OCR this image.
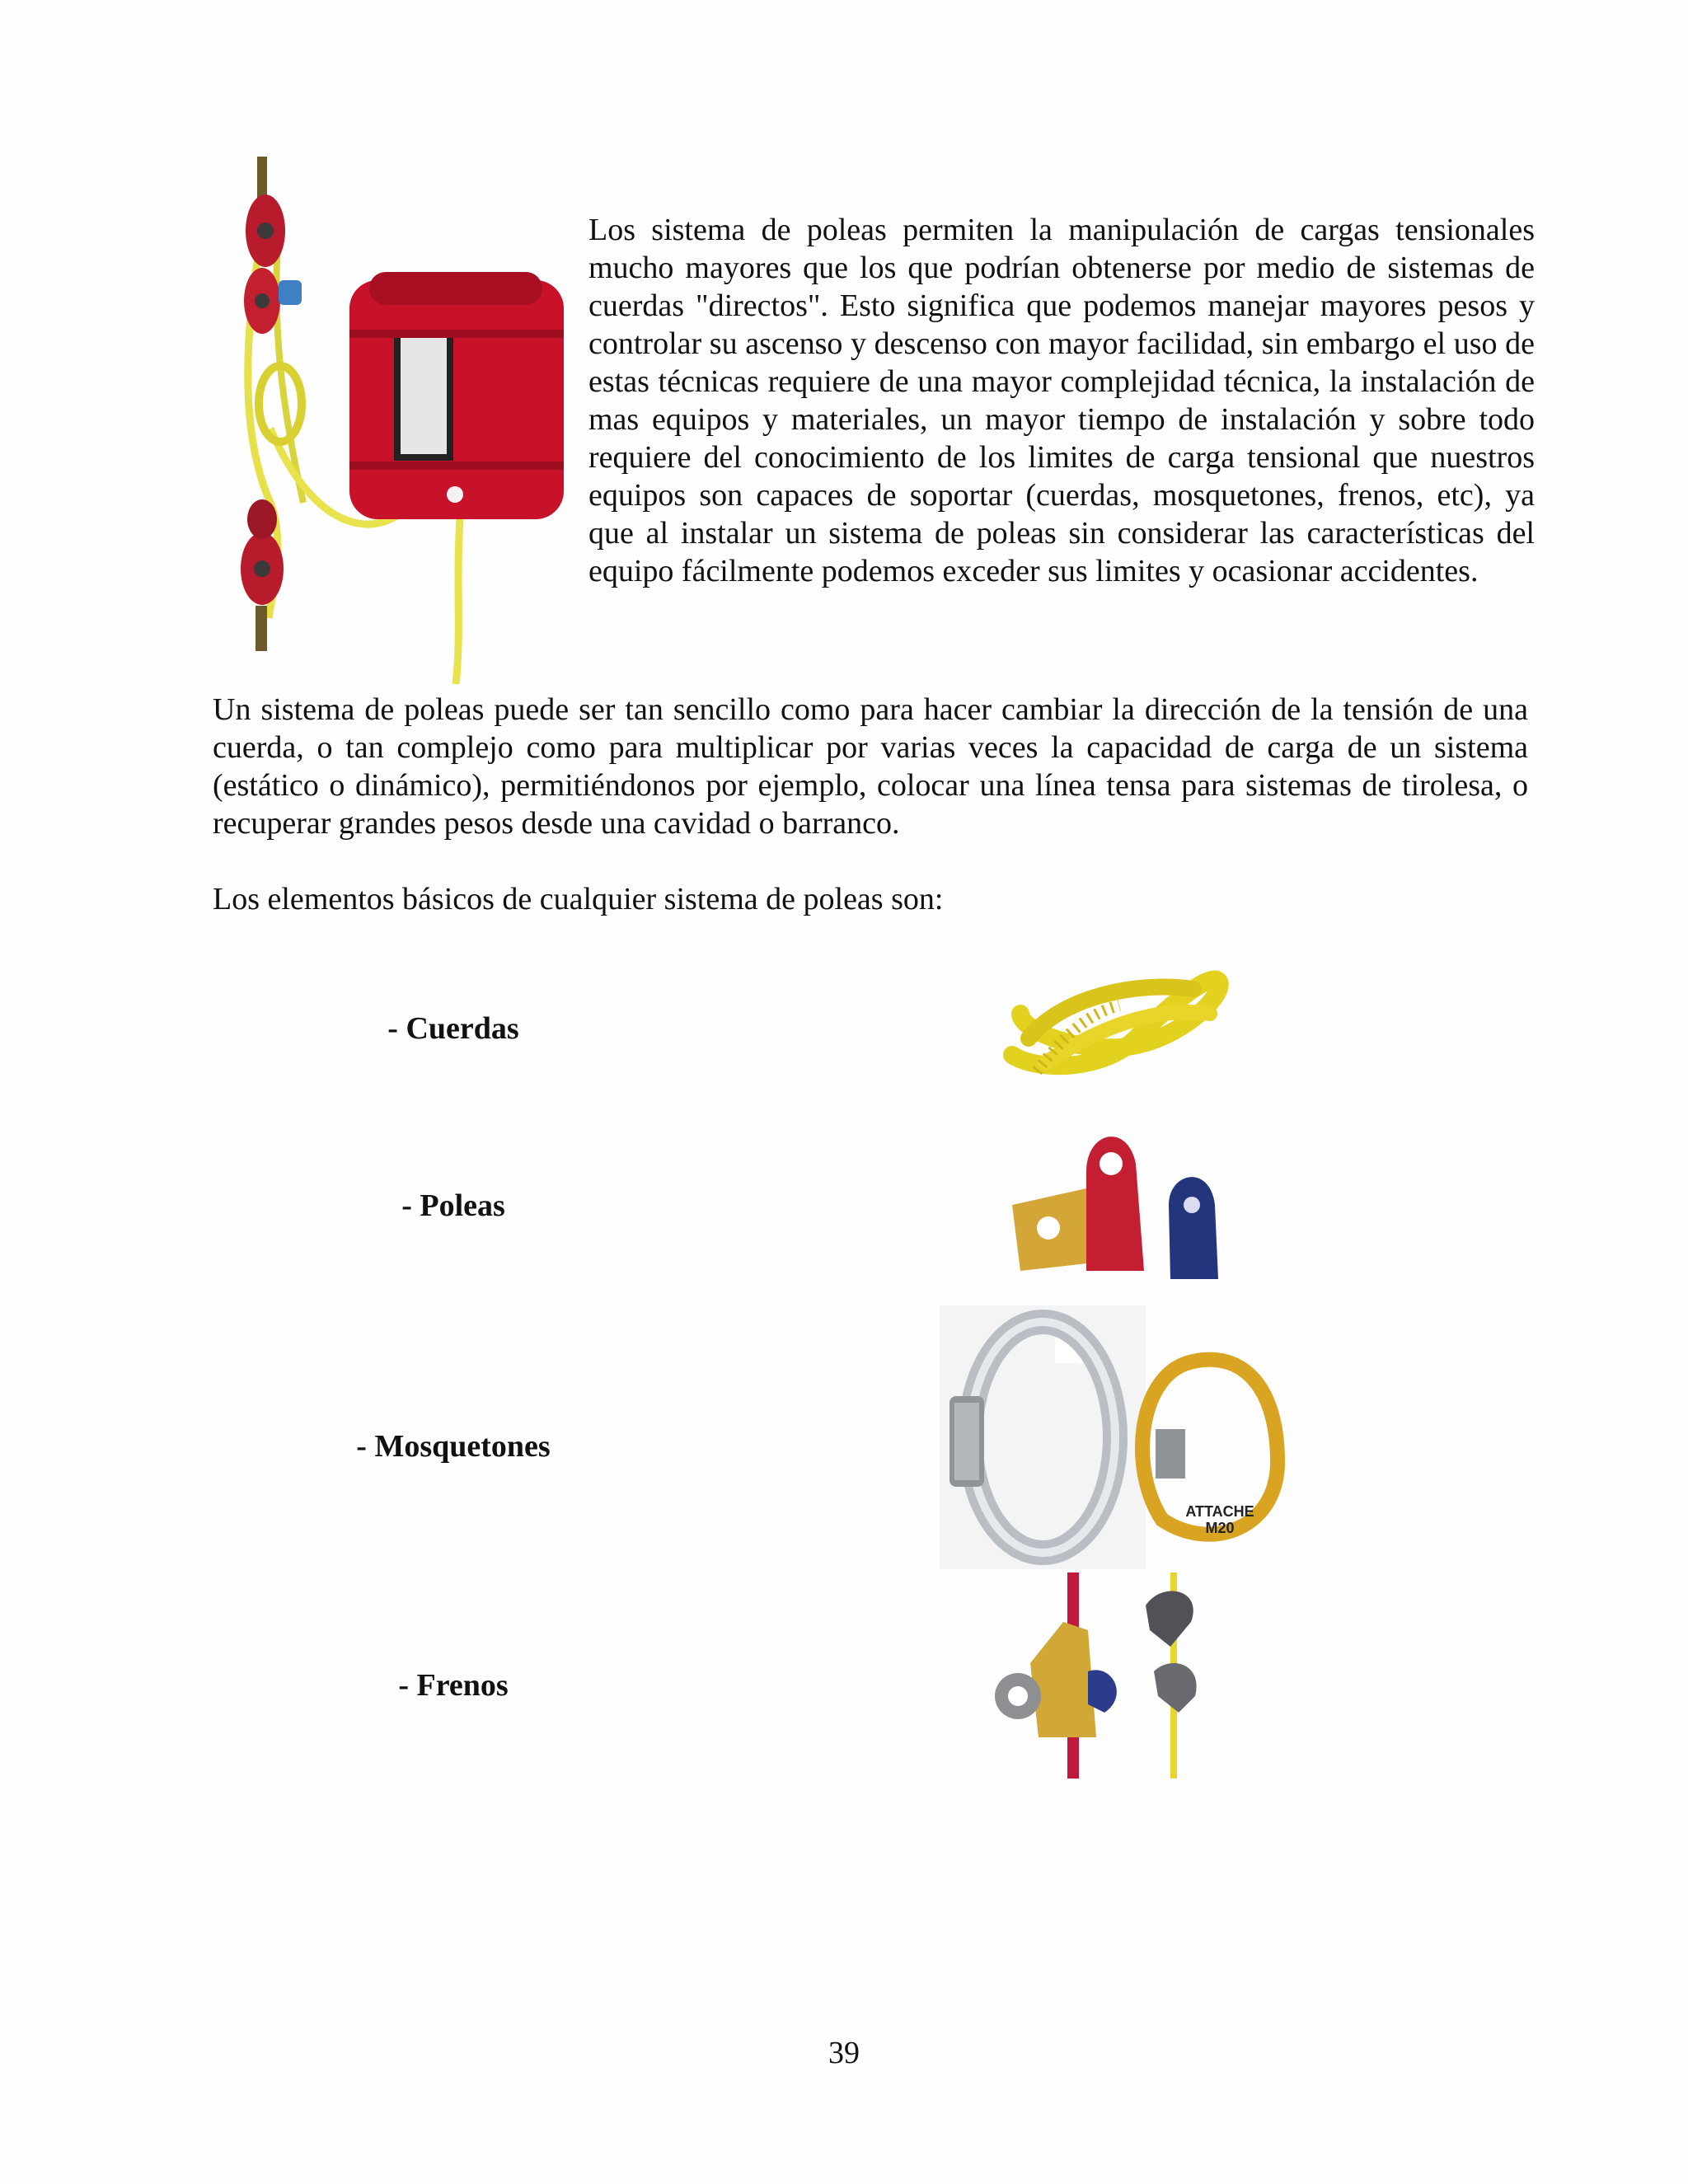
Los sistema de poleas permiten la manipulación de cargas tensionales mucho mayores que los que podrían obtenerse por medio de sistemas de cuerdas "directos". Esto significa que podemos manejar mayores pesos y controlar su ascenso y descenso con mayor facilidad, sin embargo el uso de estas técnicas requiere de una mayor complejidad técnica, la instalación de mas equipos y materiales, un mayor tiempo de instalación y sobre todo requiere del conocimiento de los limites de carga tensional que nuestros equipos son capaces de soportar (cuerdas, mosquetones, frenos, etc), ya que al instalar un sistema de poleas sin considerar las características del equipo fácilmente podemos exceder sus limites y ocasionar accidentes.

Un sistema de poleas puede ser tan sencillo como para hacer cambiar la dirección de la tensión de una cuerda, o tan complejo como para multiplicar por varias veces la capacidad de carga de un sistema (estático o dinámico), permitiéndonos por ejemplo, colocar una línea tensa para sistemas de tirolesa, o recuperar grandes pesos desde una cavidad o barranco.

Los elementos básicos de cualquier sistema de poleas son:

- Cuerdas
- Poleas
- Mosquetones
- Frenos
ATTACHE
M20
39
